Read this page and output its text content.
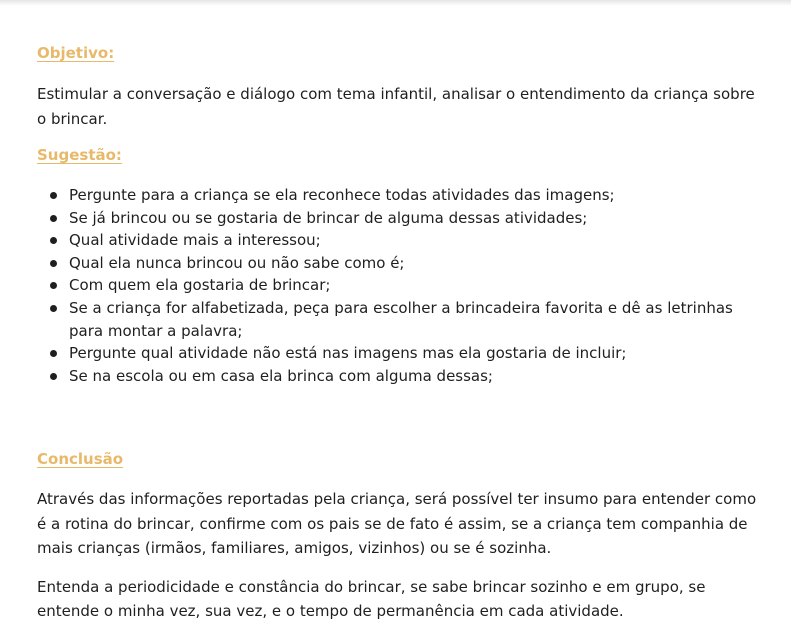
Objetivo:

Estimular a conversação e diálogo com tema infantil, analisar o entendimento da criança sobre o brincar.

Sugestão:

Pergunte para a criança se ela reconhece todas atividades das imagens;
Se já brincou ou se gostaria de brincar de alguma dessas atividades;
Qual atividade mais a interessou;
Qual ela nunca brincou ou não sabe como é;
Com quem ela gostaria de brincar;
Se a criança for alfabetizada, peça para escolher a brincadeira favorita e dê as letrinhas para montar a palavra;
Pergunte qual atividade não está nas imagens mas ela gostaria de incluir;
Se na escola ou em casa ela brinca com alguma dessas;

Conclusão

Através das informações reportadas pela criança, será possível ter insumo para entender como é a rotina do brincar, confirme com os pais se de fato é assim, se a criança tem companhia de mais crianças (irmãos, familiares, amigos, vizinhos) ou se é sozinha.

Entenda a periodicidade e constância do brincar, se sabe brincar sozinho e em grupo, se entende o minha vez, sua vez, e o tempo de permanência em cada atividade.
